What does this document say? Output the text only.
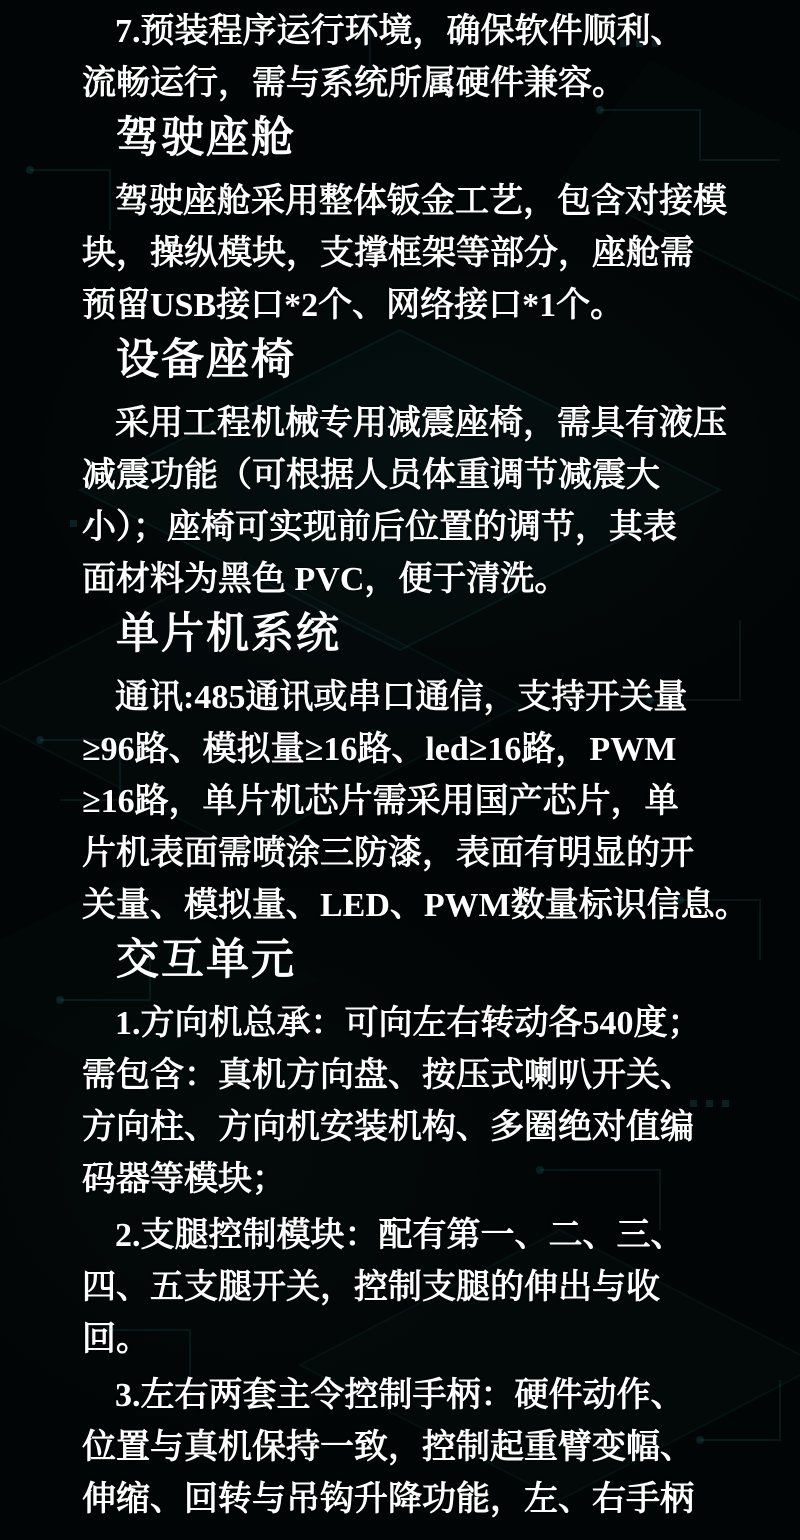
7.预装程序运行环境，确保软件顺利、
流畅运行，需与系统所属硬件兼容。
驾驶座舱
驾驶座舱采用整体钣金工艺，包含对接模
块，操纵模块，支撑框架等部分，座舱需
预留USB接口*2个、网络接口*1个。
设备座椅
采用工程机械专用减震座椅，需具有液压
减震功能（可根据人员体重调节减震大
小）；座椅可实现前后位置的调节，其表
面材料为黑色 PVC，便于清洗。
单片机系统
通讯:485通讯或串口通信，支持开关量
≥96路、模拟量≥16路、led≥16路，PWM
≥16路，单片机芯片需采用国产芯片，单
片机表面需喷涂三防漆，表面有明显的开
关量、模拟量、LED、PWM数量标识信息。
交互单元
1.方向机总承：可向左右转动各540度；
需包含：真机方向盘、按压式喇叭开关、
方向柱、方向机安装机构、多圈绝对值编
码器等模块；
2.支腿控制模块：配有第一、二、三、
四、五支腿开关，控制支腿的伸出与收
回。
3.左右两套主令控制手柄：硬件动作、
位置与真机保持一致，控制起重臂变幅、
伸缩、回转与吊钩升降功能，左、右手柄
